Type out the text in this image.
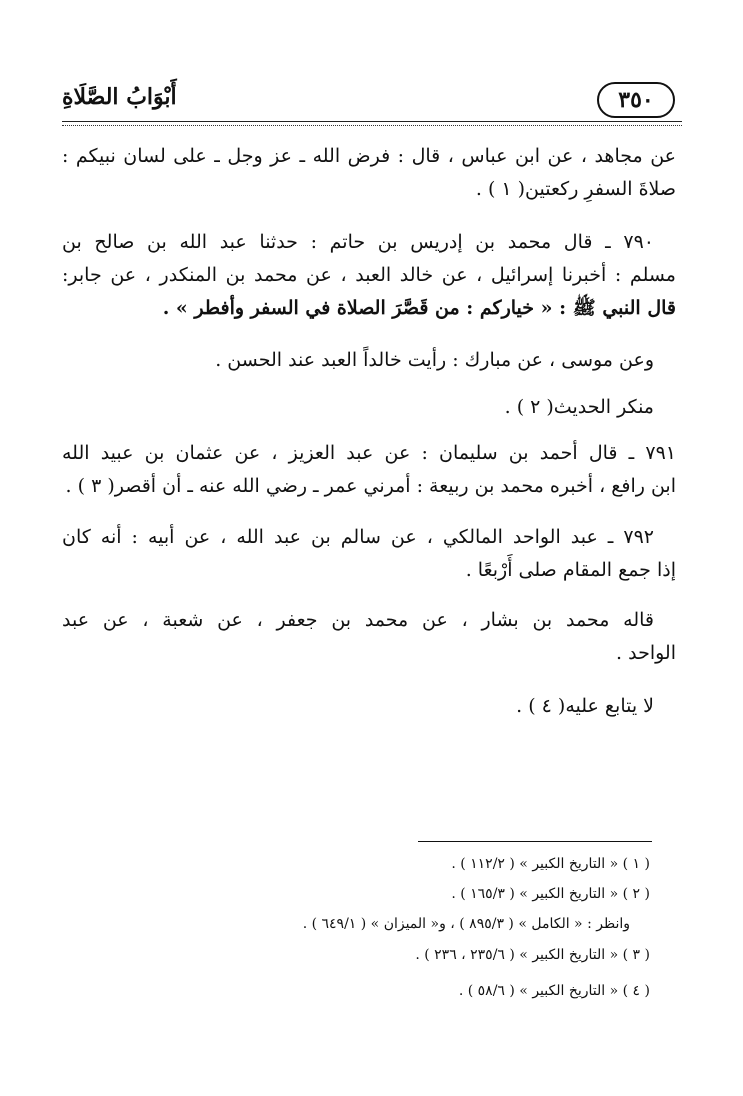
٣٥٠
أَبْوَابُ الصَّلَاةِ
عن مجاهد ، عن ابن عباس ، قال : فرض الله ـ عز وجل ـ على لسان نبيكم :
صلاةَ السفرِ ركعتين( ١ ) .
٧٩٠ ـ قال محمد بن إدريس بن حاتم : حدثنا عبد الله بن صالح بن
مسلم : أخبرنا إسرائيل ، عن خالد العبد ، عن محمد بن المنكدر ، عن جابر:
قال النبي ﷺ : « خياركم : من قَصَّرَ الصلاة في السفر وأفطر » .
وعن موسى ، عن مبارك : رأيت خالداً العبد عند الحسن .
منكر الحديث( ٢ ) .
٧٩١ ـ قال أحمد بن سليمان : عن عبد العزيز ، عن عثمان بن عبيد الله
ابن رافع ، أخبره محمد بن ربيعة : أمرني عمر ـ رضي الله عنه ـ أن أقصر( ٣ ) .
٧٩٢ ـ عبد الواحد المالكي ، عن سالم بن عبد الله ، عن أبيه : أنه كان
إذا جمع المقام صلى أَرْبعًا .
قاله محمد بن بشار ، عن محمد بن جعفر ، عن شعبة ، عن عبد
الواحد .
لا يتابع عليه( ٤ ) .
( ١ ) « التاريخ الكبير » ( ١١٢/٢ ) .
( ٢ ) « التاريخ الكبير » ( ١٦٥/٣ ) .
وانظر : « الكامل » ( ٨٩٥/٣ ) ، و« الميزان » ( ٦٤٩/١ ) .
( ٣ ) « التاريخ الكبير » ( ٢٣٥/٦ ، ٢٣٦ ) .
( ٤ ) « التاريخ الكبير » ( ٥٨/٦ ) .
